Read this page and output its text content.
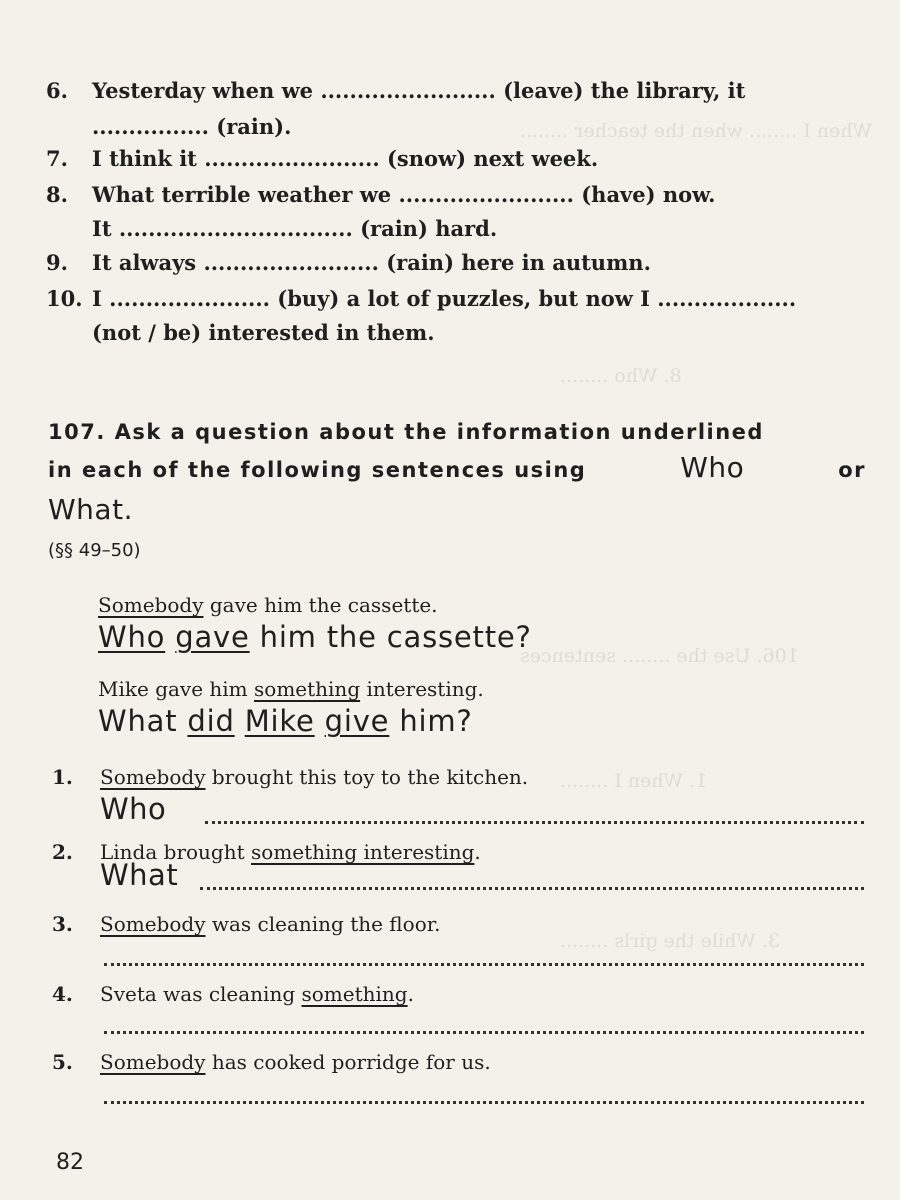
When I ........ when the teacher ........
8. Who ........
106. Use the ........ sentences
1. When I ........
3. While the girls ........
6.Yesterday when we ........................ (leave) the library, it
................ (rain).
7.I think it ........................ (snow) next week.
8.What terrible weather we ........................ (have) now.
It ................................ (rain) hard.
9.It always ........................ (rain) here in autumn.
10.I ...................... (buy) a lot of puzzles, but now I ...................
(not / be) interested in them.
107. Ask a question about the information underlined
in each of the following sentences using	Who	or
What.
(§§ 49–50)
Somebody gave him the cassette.
Who gave him the cassette?
Mike gave him something interesting.
What did Mike give him?
1. Somebody brought this toy to the kitchen.
Who
2. Linda brought something interesting.
What
3. Somebody was cleaning the floor.
4. Sveta was cleaning something.
5. Somebody has cooked porridge for us.
82
